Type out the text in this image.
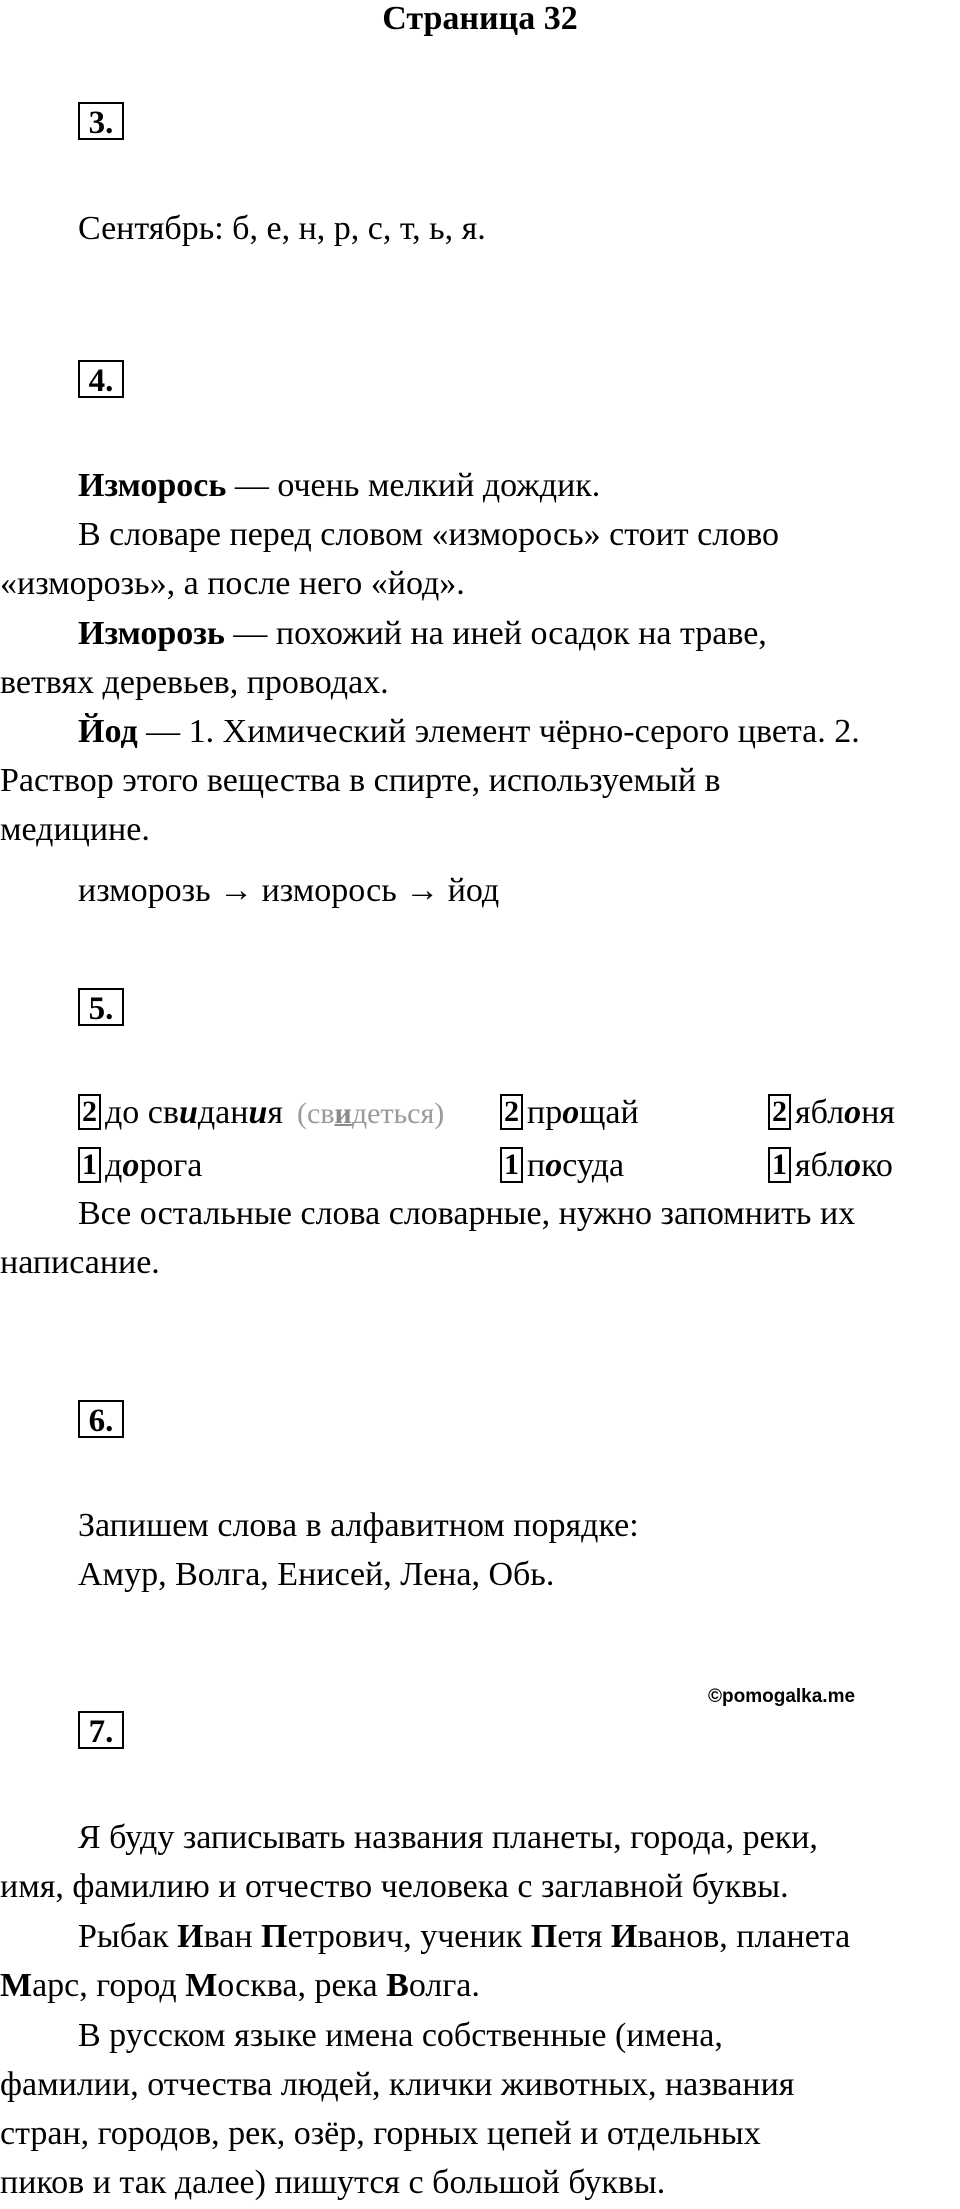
Страница 32
3.
Сентябрь: б, е, н, р, с, т, ь, я.
4.
Изморось — очень мелкий дождик.
В словаре перед словом «изморось» стоит слово
«изморозь», а после него «йод».
Изморозь — похожий на иней осадок на траве,
ветвях деревьев, проводах.
Йод — 1. Химический элемент чёрно-серого цвета. 2.
Раствор этого вещества в спирте, используемый в
медицине.
изморозь → изморось → йод
5.
2 до свидания (свидеться) 2 прощай	2 яблоня
1 дорога	1 посуда	1 яблоко
Все остальные слова словарные, нужно запомнить их
написание.
6.
Запишем слова в алфавитном порядке:
Амур, Волга, Енисей, Лена, Обь.
©pomogalka.me
7.
Я буду записывать названия планеты, города, реки,
имя, фамилию и отчество человека с заглавной буквы.
Рыбак Иван Петрович, ученик Петя Иванов, планета
Марс, город Москва, река Волга.
В русском языке имена собственные (имена,
фамилии, отчества людей, клички животных, названия
стран, городов, рек, озёр, горных цепей и отдельных
пиков и так далее) пишутся с большой буквы.
